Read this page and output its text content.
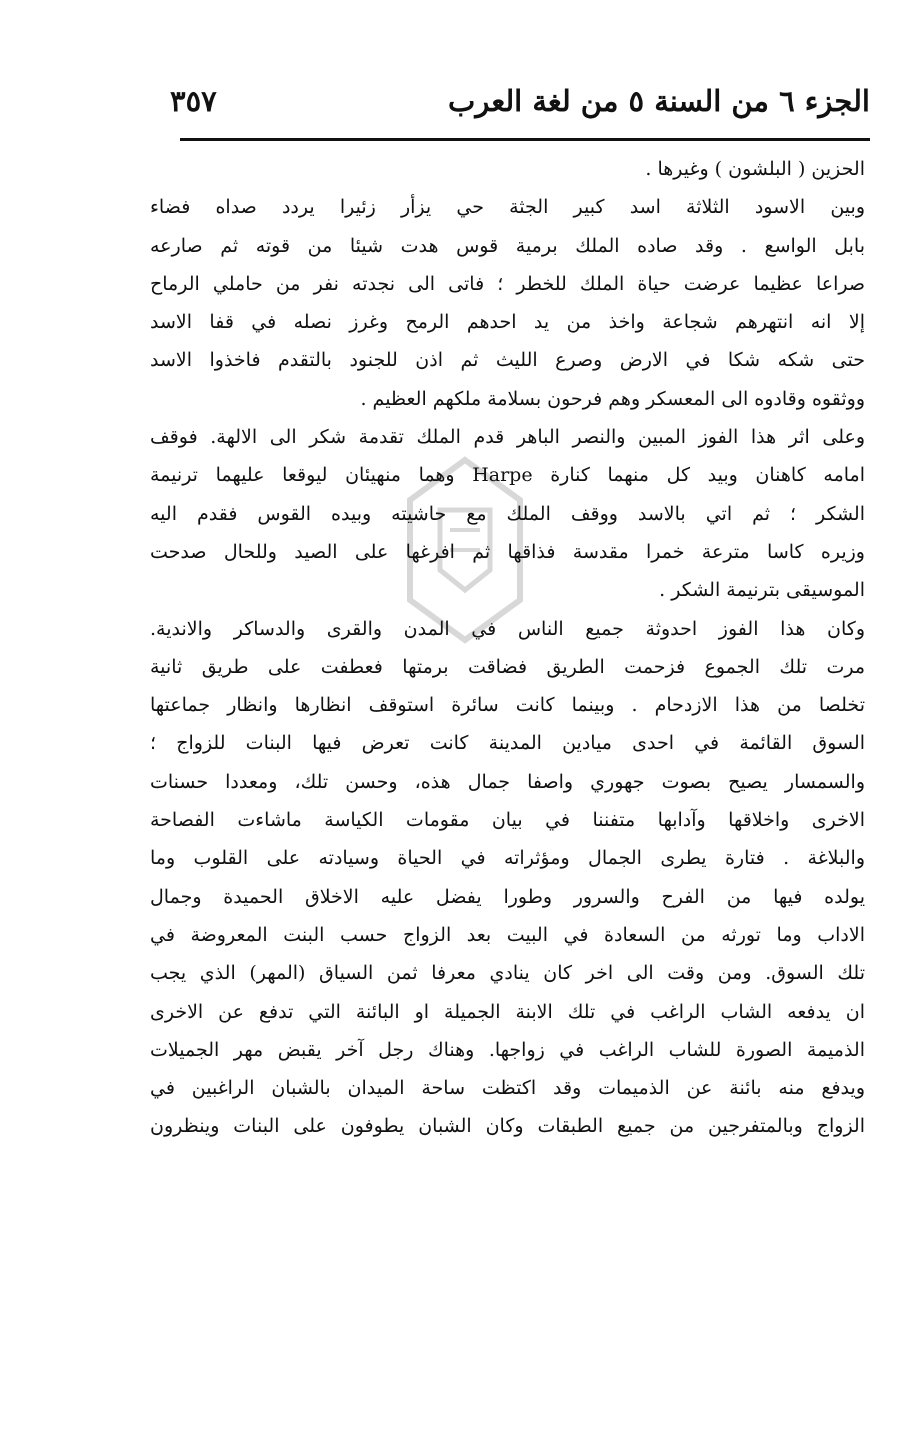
الجزء ٦ من السنة ٥ من لغة العرب
٣٥٧
الحزين ( البلشون ) وغيرها .
وبين الاسود الثلاثة اسد كبير الجثة حي يزأر زئيرا يردد صداه فضاء
بابل الواسع . وقد صاده الملك برمية قوس هدت شيئا من قوته ثم صارعه
صراعا عظيما عرضت حياة الملك للخطر ؛ فاتى الى نجدته نفر من حاملي الرماح
إلا انه انتهرهم شجاعة واخذ من يد احدهم الرمح وغرز نصله في قفا الاسد
حتى شكه شكا في الارض وصرع الليث ثم اذن للجنود بالتقدم فاخذوا الاسد
ووثقوه وقادوه الى المعسكر وهم فرحون بسلامة ملكهم العظيم .
وعلى اثر هذا الفوز المبين والنصر الباهر قدم الملك تقدمة شكر الى الالهة. فوقف
امامه كاهنان وبيد كل منهما كنارة Harpe وهما منهيئان ليوقعا عليهما ترنيمة
الشكر ؛ ثم اتي بالاسد ووقف الملك مع حاشيته وبيده القوس فقدم اليه
وزيره كاسا مترعة خمرا مقدسة فذاقها ثم افرغها على الصيد وللحال صدحت
الموسيقى بترنيمة الشكر .
وكان هذا الفوز احدوثة جميع الناس في المدن والقرى والدساكر والاندية.
مرت تلك الجموع فزحمت الطريق فضاقت برمتها فعطفت على طريق ثانية
تخلصا من هذا الازدحام . وبينما كانت سائرة استوقف انظارها وانظار جماعتها
السوق القائمة في احدى ميادين المدينة كانت تعرض فيها البنات للزواج ؛
والسمسار يصيح بصوت جهوري واصفا جمال هذه، وحسن تلك، ومعددا حسنات
الاخرى واخلاقها وآدابها متفننا في بيان مقومات الكياسة ماشاءت الفصاحة
والبلاغة . فتارة يطرى الجمال ومؤثراته في الحياة وسيادته على القلوب وما
يولده فيها من الفرح والسرور وطورا يفضل عليه الاخلاق الحميدة وجمال
الاداب وما تورثه من السعادة في البيت بعد الزواج حسب البنت المعروضة في
تلك السوق. ومن وقت الى اخر كان ينادي معرفا ثمن السياق (المهر) الذي يجب
ان يدفعه الشاب الراغب في تلك الابنة الجميلة او البائنة التي تدفع عن الاخرى
الذميمة الصورة للشاب الراغب في زواجها. وهناك رجل آخر يقبض مهر الجميلات
ويدفع منه بائنة عن الذميمات وقد اكتظت ساحة الميدان بالشبان الراغبين في
الزواج وبالمتفرجين من جميع الطبقات وكان الشبان يطوفون على البنات وينظرون
